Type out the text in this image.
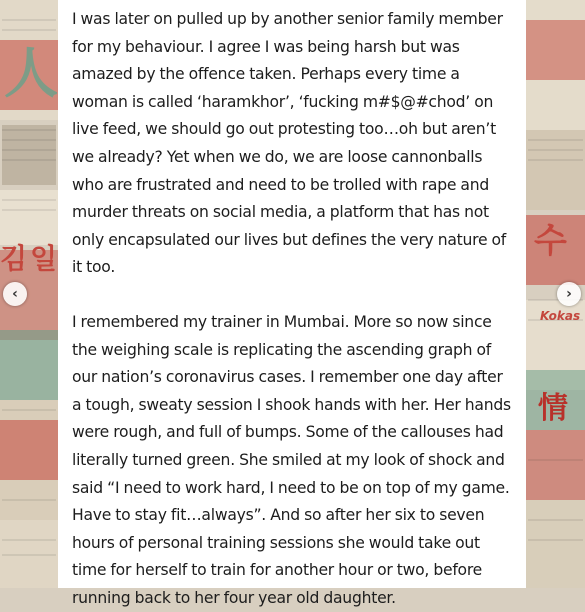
人
김 일	수
情
Kokas

I was later on pulled up by another senior family member for my behaviour. I agree I was being harsh but was amazed by the offence taken. Perhaps every time a woman is called ‘haramkhor’, ‘fucking m#$@#chod’ on live feed, we should go out protesting too…oh but aren’t we already? Yet when we do, we are loose cannonballs who are frustrated and need to be trolled with rape and murder threats on social media, a platform that has not only encapsulated our lives but defines the very nature of it too.

I remembered my trainer in Mumbai. More so now since the weighing scale is replicating the ascending graph of our nation’s coronavirus cases. I remember one day after a tough, sweaty session I shook hands with her. Her hands were rough, and full of bumps. Some of the callouses had literally turned green. She smiled at my look of shock and said “I need to work hard, I need to be on top of my game. Have to stay fit…always”. And so after her six to seven hours of personal training sessions she would take out time for herself to train for another hour or two, before running back to her four year old daughter.

‹	›
